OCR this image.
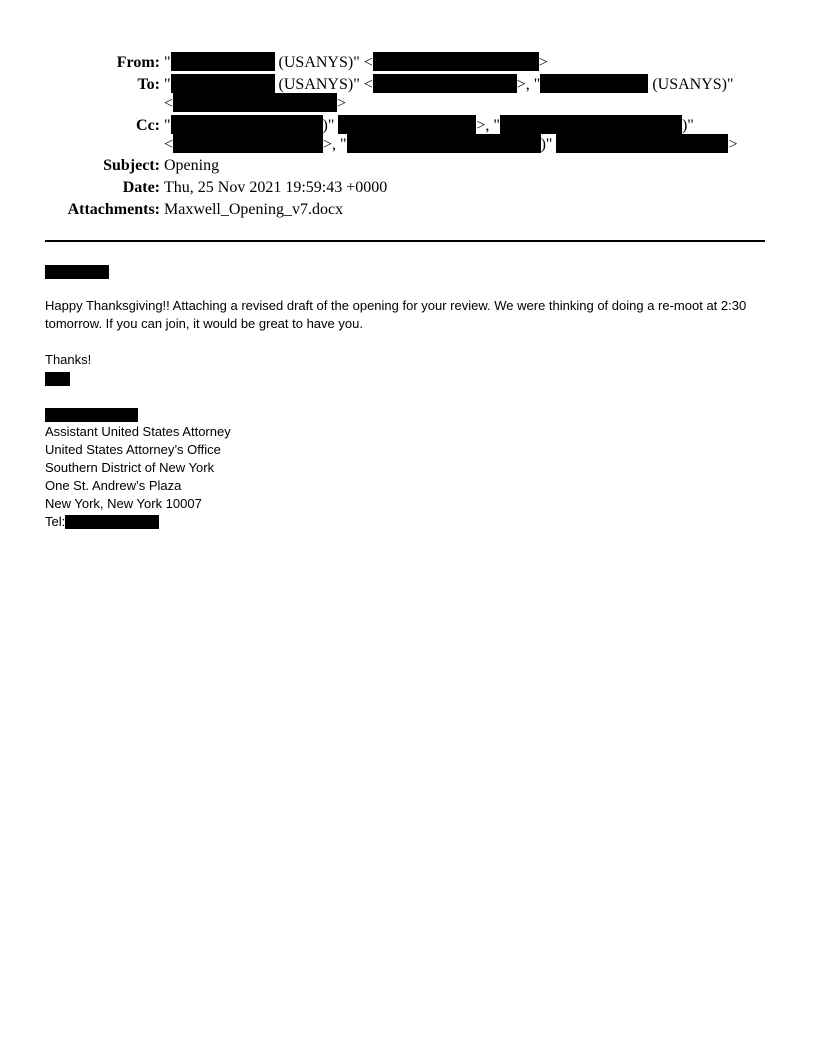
From: "	(USANYS)" <	>
To: "	(USANYS)" <	>, "	(USANYS)"
<	>
Cc: "	)"	>, "	)"
<	>, "	)"	>
Subject: Opening
Date: Thu, 25 Nov 2021 19:59:43 +0000
Attachments: Maxwell_Opening_v7.docx
Happy Thanksgiving!! Attaching a revised draft of the opening for your review. We were thinking of doing a re-moot at 2:30 tomorrow. If you can join, it would be great to have you.
Thanks!
Assistant United States Attorney
United States Attorney’s Office
Southern District of New York
One St. Andrew’s Plaza
New York, New York 10007
Tel:
